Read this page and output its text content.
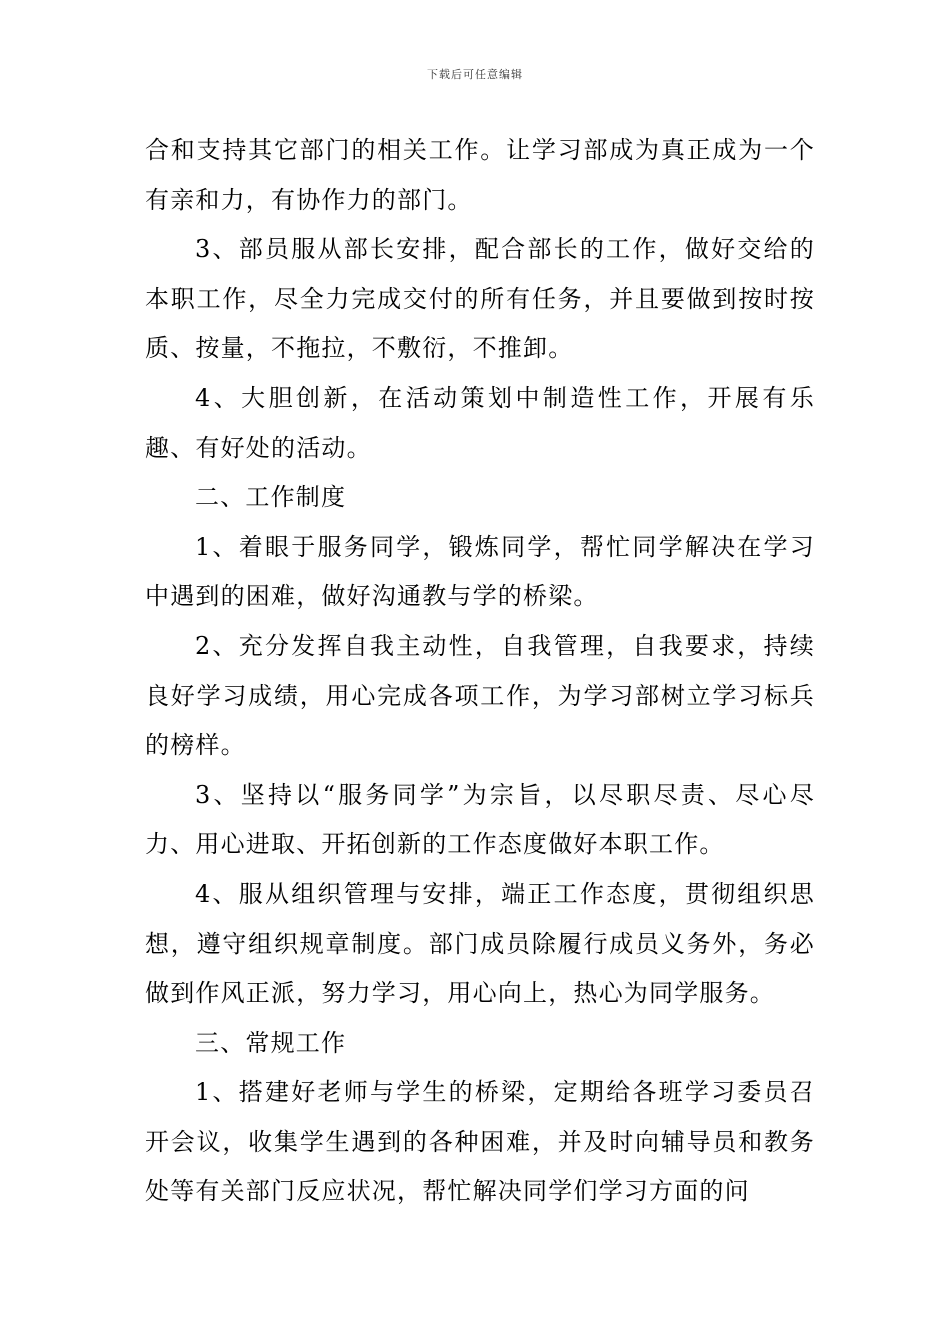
下载后可任意编辑

合和支持其它部门的相关工作。让学习部成为真正成为一个有亲和力，有协作力的部门。

3、部员服从部长安排，配合部长的工作，做好交给的本职工作，尽全力完成交付的所有任务，并且要做到按时按质、按量，不拖拉，不敷衍，不推卸。

4、大胆创新，在活动策划中制造性工作，开展有乐趣、有好处的活动。

二、工作制度

1、着眼于服务同学，锻炼同学，帮忙同学解决在学习中遇到的困难，做好沟通教与学的桥梁。

2、充分发挥自我主动性，自我管理，自我要求，持续良好学习成绩，用心完成各项工作，为学习部树立学习标兵的榜样。

3、坚持以“服务同学”为宗旨，以尽职尽责、尽心尽力、用心进取、开拓创新的工作态度做好本职工作。

4、服从组织管理与安排，端正工作态度，贯彻组织思想，遵守组织规章制度。部门成员除履行成员义务外，务必做到作风正派，努力学习，用心向上，热心为同学服务。

三、常规工作

1、搭建好老师与学生的桥梁，定期给各班学习委员召开会议，收集学生遇到的各种困难，并及时向辅导员和教务处等有关部门反应状况，帮忙解决同学们学习方面的问
